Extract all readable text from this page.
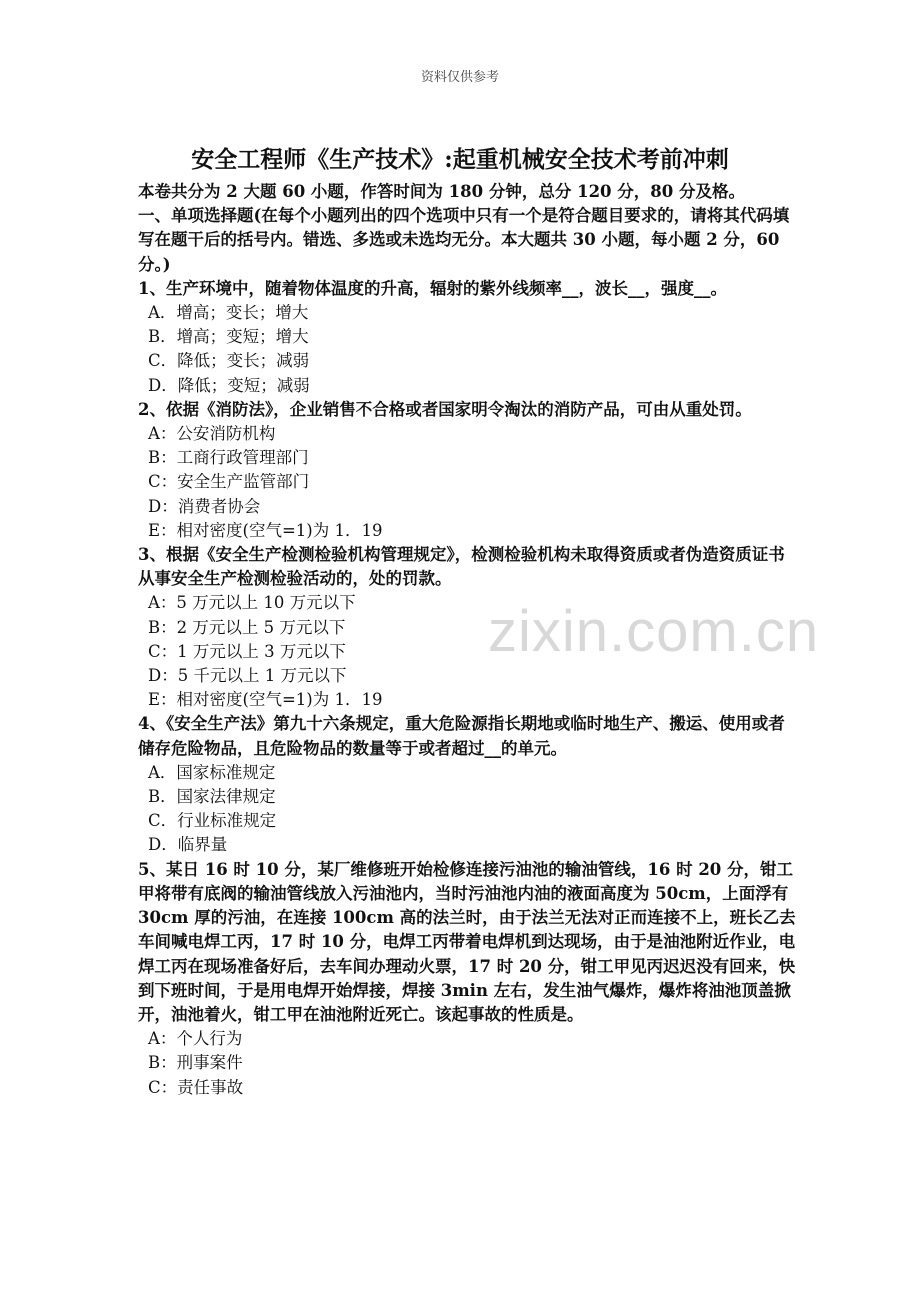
资料仅供参考
zixin.com.cn
安全工程师《生产技术》:起重机械安全技术考前冲刺

本卷共分为 2 大题 60 小题，作答时间为 180 分钟，总分 120 分，80 分及格。

一、单项选择题(在每个小题列出的四个选项中只有一个是符合题目要求的，请将其代码填写在题干后的括号内。错选、多选或未选均无分。本大题共 30 小题，每小题 2 分，60 分。)

1、生产环境中，随着物体温度的升高，辐射的紫外线频率__，波长__，强度__。

A．增高；变长；增大

B．增高；变短；增大

C．降低；变长；减弱

D．降低；变短；减弱

2、依据《消防法》，企业销售不合格或者国家明令淘汰的消防产品，可由从重处罚。

A：公安消防机构

B：工商行政管理部门

C：安全生产监管部门

D：消费者协会

E：相对密度(空气=1)为 1．19

3、根据《安全生产检测检验机构管理规定》，检测检验机构未取得资质或者伪造资质证书从事安全生产检测检验活动的，处的罚款。

A：5 万元以上 10 万元以下

B：2 万元以上 5 万元以下

C：1 万元以上 3 万元以下

D：5 千元以上 1 万元以下

E：相对密度(空气=1)为 1．19

4、《安全生产法》第九十六条规定，重大危险源指长期地或临时地生产、搬运、使用或者储存危险物品，且危险物品的数量等于或者超过__的单元。

A．国家标准规定

B．国家法律规定

C．行业标准规定

D．临界量

5、某日 16 时 10 分，某厂维修班开始检修连接污油池的输油管线，16 时 20 分，钳工甲将带有底阀的输油管线放入污油池内，当时污油池内油的液面高度为 50cm，上面浮有 30cm 厚的污油，在连接 100cm 高的法兰时，由于法兰无法对正而连接不上，班长乙去车间喊电焊工丙，17 时 10 分，电焊工丙带着电焊机到达现场，由于是油池附近作业，电焊工丙在现场准备好后，去车间办理动火票，17 时 20 分，钳工甲见丙迟迟没有回来，快到下班时间，于是用电焊开始焊接，焊接 3min 左右，发生油气爆炸，爆炸将油池顶盖掀开，油池着火，钳工甲在油池附近死亡。该起事故的性质是。

A：个人行为

B：刑事案件

C：责任事故
